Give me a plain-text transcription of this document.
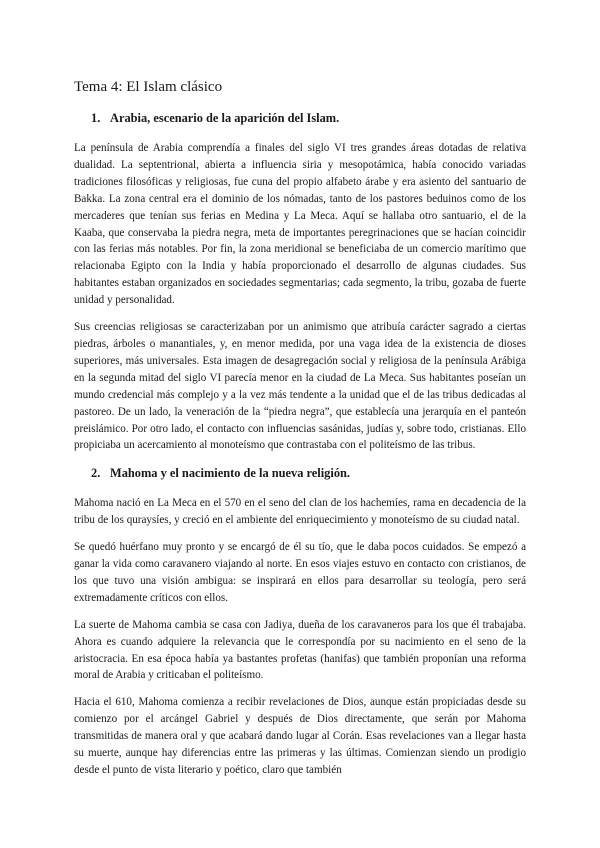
Tema 4: El Islam clásico
1. Arabia, escenario de la aparición del Islam.

La península de Arabia comprendía a finales del siglo VI tres grandes áreas dotadas de relativa dualidad. La septentrional, abierta a influencia siria y mesopotámica, había conocido variadas tradiciones filosóficas y religiosas, fue cuna del propio alfabeto árabe y era asiento del santuario de Bakka. La zona central era el dominio de los nómadas, tanto de los pastores beduinos como de los mercaderes que tenían sus ferias en Medina y La Meca. Aquí se hallaba otro santuario, el de la Kaaba, que conservaba la piedra negra, meta de importantes peregrinaciones que se hacían coincidir con las ferias más notables. Por fin, la zona meridional se beneficiaba de un comercio marítimo que relacionaba Egipto con la India y había proporcionado el desarrollo de algunas ciudades. Sus habitantes estaban organizados en sociedades segmentarias; cada segmento, la tribu, gozaba de fuerte unidad y personalidad.

Sus creencias religiosas se caracterizaban por un animismo que atribuía carácter sagrado a ciertas piedras, árboles o manantiales, y, en menor medida, por una vaga idea de la existencia de dioses superiores, más universales. Esta imagen de desagregación social y religiosa de la península Arábiga en la segunda mitad del siglo VI parecía menor en la ciudad de La Meca. Sus habitantes poseían un mundo credencial más complejo y a la vez más tendente a la unidad que el de las tribus dedicadas al pastoreo. De un lado, la veneración de la “piedra negra”, que establecía una jerarquía en el panteón preislámico. Por otro lado, el contacto con influencias sasánidas, judías y, sobre todo, cristianas. Ello propiciaba un acercamiento al monoteísmo que contrastaba con el politeísmo de las tribus.

2. Mahoma y el nacimiento de la nueva religión.

Mahoma nació en La Meca en el 570 en el seno del clan de los hachemíes, rama en decadencia de la tribu de los quraysíes, y creció en el ambiente del enriquecimiento y monoteísmo de su ciudad natal.

Se quedó huérfano muy pronto y se encargó de él su tío, que le daba pocos cuidados. Se empezó a ganar la vida como caravanero viajando al norte. En esos viajes estuvo en contacto con cristianos, de los que tuvo una visión ambigua: se inspirará en ellos para desarrollar su teología, pero será extremadamente críticos con ellos.

La suerte de Mahoma cambia se casa con Jadiya, dueña de los caravaneros para los que él trabajaba. Ahora es cuando adquiere la relevancia que le correspondía por su nacimiento en el seno de la aristocracia. En esa época había ya bastantes profetas (hanifas) que también proponían una reforma moral de Arabia y criticaban el politeísmo.

Hacia el 610, Mahoma comienza a recibir revelaciones de Dios, aunque están propiciadas desde su comienzo por el arcángel Gabriel y después de Dios directamente, que serán por Mahoma transmitidas de manera oral y que acabará dando lugar al Corán. Esas revelaciones van a llegar hasta su muerte, aunque hay diferencias entre las primeras y las últimas. Comienzan siendo un prodigio desde el punto de vista literario y poético, claro que también
